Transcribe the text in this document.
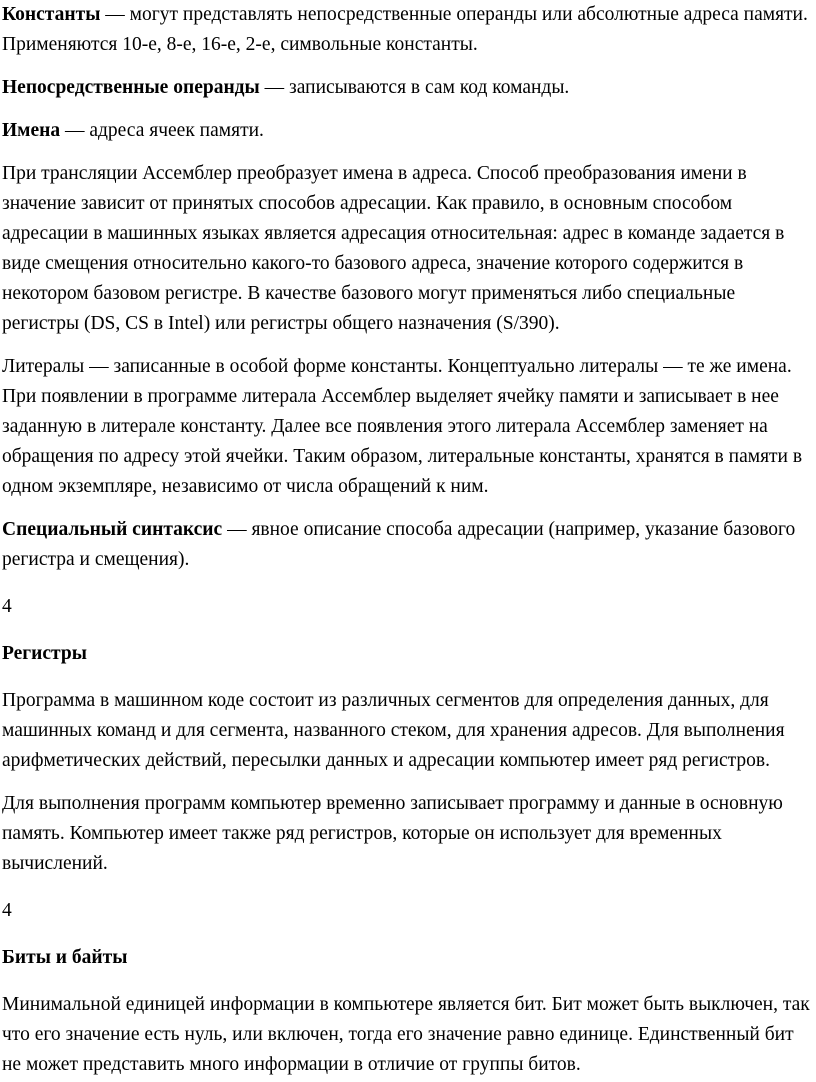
Константы — могут представлять непосредственные операнды или абсолютные адреса памяти. Применяются 10-е, 8-е, 16-е, 2-е, символьные константы.

Непосредственные операнды — записываются в сам код команды.

Имена — адреса ячеек памяти.

При трансляции Ассемблер преобразует имена в адреса. Способ преобразования имени в значение зависит от принятых способов адресации. Как правило, в основным способом адресации в машинных языках является адресация относительная: адрес в команде задается в виде смещения относительно какого-то базового адреса, значение которого содержится в некотором базовом регистре. В качестве базового могут применяться либо специальные регистры (DS, CS в Intel) или регистры общего назначения (S/390).

Литералы — записанные в особой форме константы. Концептуально литералы — те же имена. При появлении в программе литерала Ассемблер выделяет ячейку памяти и записывает в нее заданную в литерале константу. Далее все появления этого литерала Ассемблер заменяет на обращения по адресу этой ячейки. Таким образом, литеральные константы, хранятся в памяти в одном экземпляре, независимо от числа обращений к ним.

Специальный синтаксис — явное описание способа адресации (например, указание базового регистра и смещения).

4

Регистры

Программа в машинном коде состоит из различных сегментов для определения данных, для машинных команд и для сегмента, названного стеком, для хранения адресов. Для выполнения арифметических действий, пересылки данных и адресации компьютер имеет ряд регистров.

Для выполнения программ компьютер временно записывает программу и данные в основную память. Компьютер имеет также ряд регистров, которые он использует для временных вычислений.

4

Биты и байты

Минимальной единицей информации в компьютере является бит. Бит может быть выключен, так что его значение есть нуль, или включен, тогда его значение равно единице. Единственный бит не может представить много информации в отличие от группы битов.
